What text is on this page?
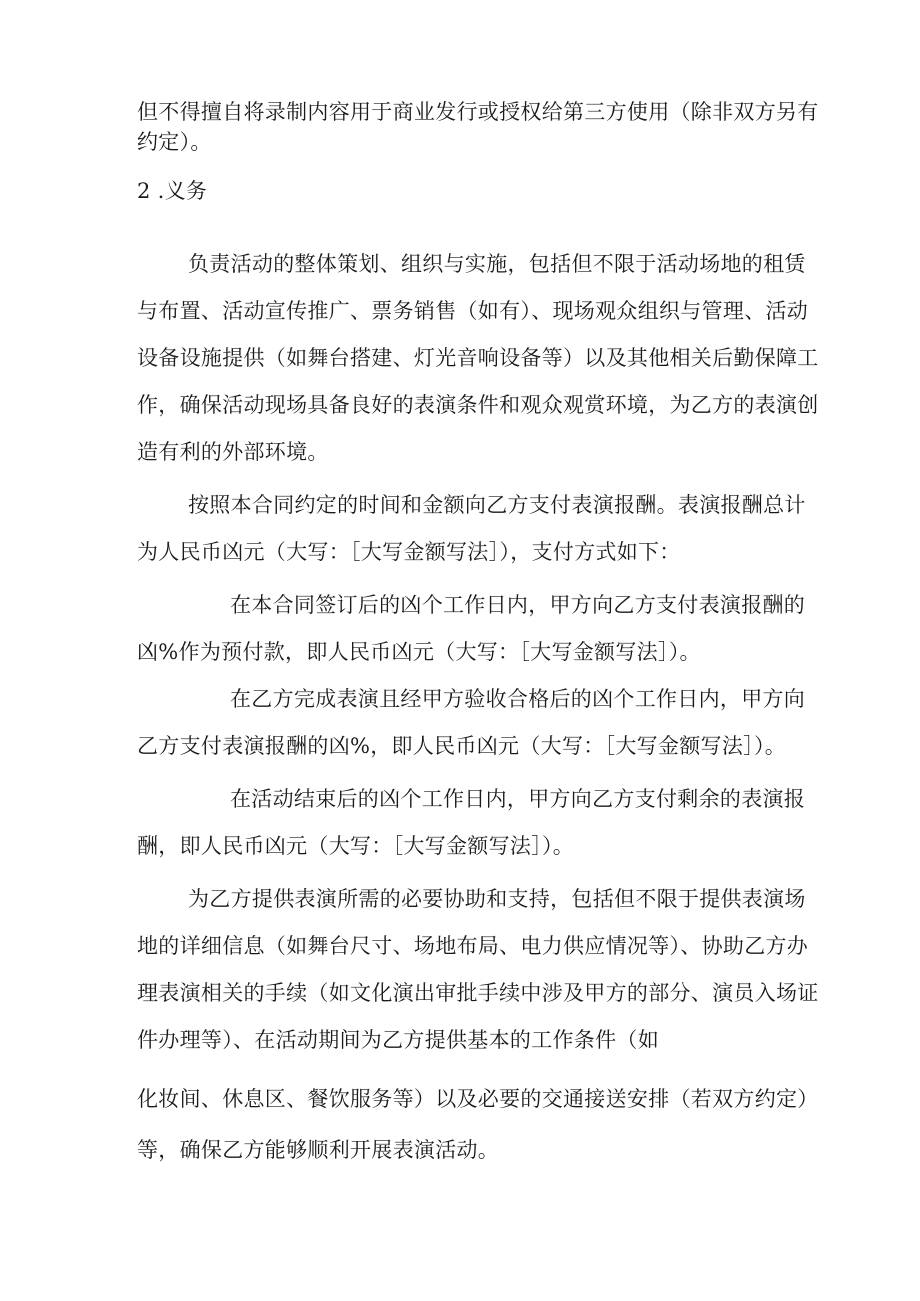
但不得擅自将录制内容用于商业发行或授权给第三方使用（除非双方另有
约定）。
2 .义务
负责活动的整体策划、组织与实施，包括但不限于活动场地的租赁
与布置、活动宣传推广、票务销售（如有）、现场观众组织与管理、活动
设备设施提供（如舞台搭建、灯光音响设备等）以及其他相关后勤保障工
作，确保活动现场具备良好的表演条件和观众观赏环境，为乙方的表演创
造有利的外部环境。
按照本合同约定的时间和金额向乙方支付表演报酬。表演报酬总计
为人民币凶元（大写：［大写金额写法］），支付方式如下：
在本合同签订后的凶个工作日内，甲方向乙方支付表演报酬的
凶%作为预付款，即人民币凶元（大写：［大写金额写法］）。
在乙方完成表演且经甲方验收合格后的凶个工作日内，甲方向
乙方支付表演报酬的凶%，即人民币凶元（大写：［大写金额写法］）。
在活动结束后的凶个工作日内，甲方向乙方支付剩余的表演报
酬，即人民币凶元（大写：［大写金额写法］）。
为乙方提供表演所需的必要协助和支持，包括但不限于提供表演场
地的详细信息（如舞台尺寸、场地布局、电力供应情况等）、协助乙方办
理表演相关的手续（如文化演出审批手续中涉及甲方的部分、演员入场证
件办理等）、在活动期间为乙方提供基本的工作条件（如
化妆间、休息区、餐饮服务等）以及必要的交通接送安排（若双方约定）
等，确保乙方能够顺利开展表演活动。
